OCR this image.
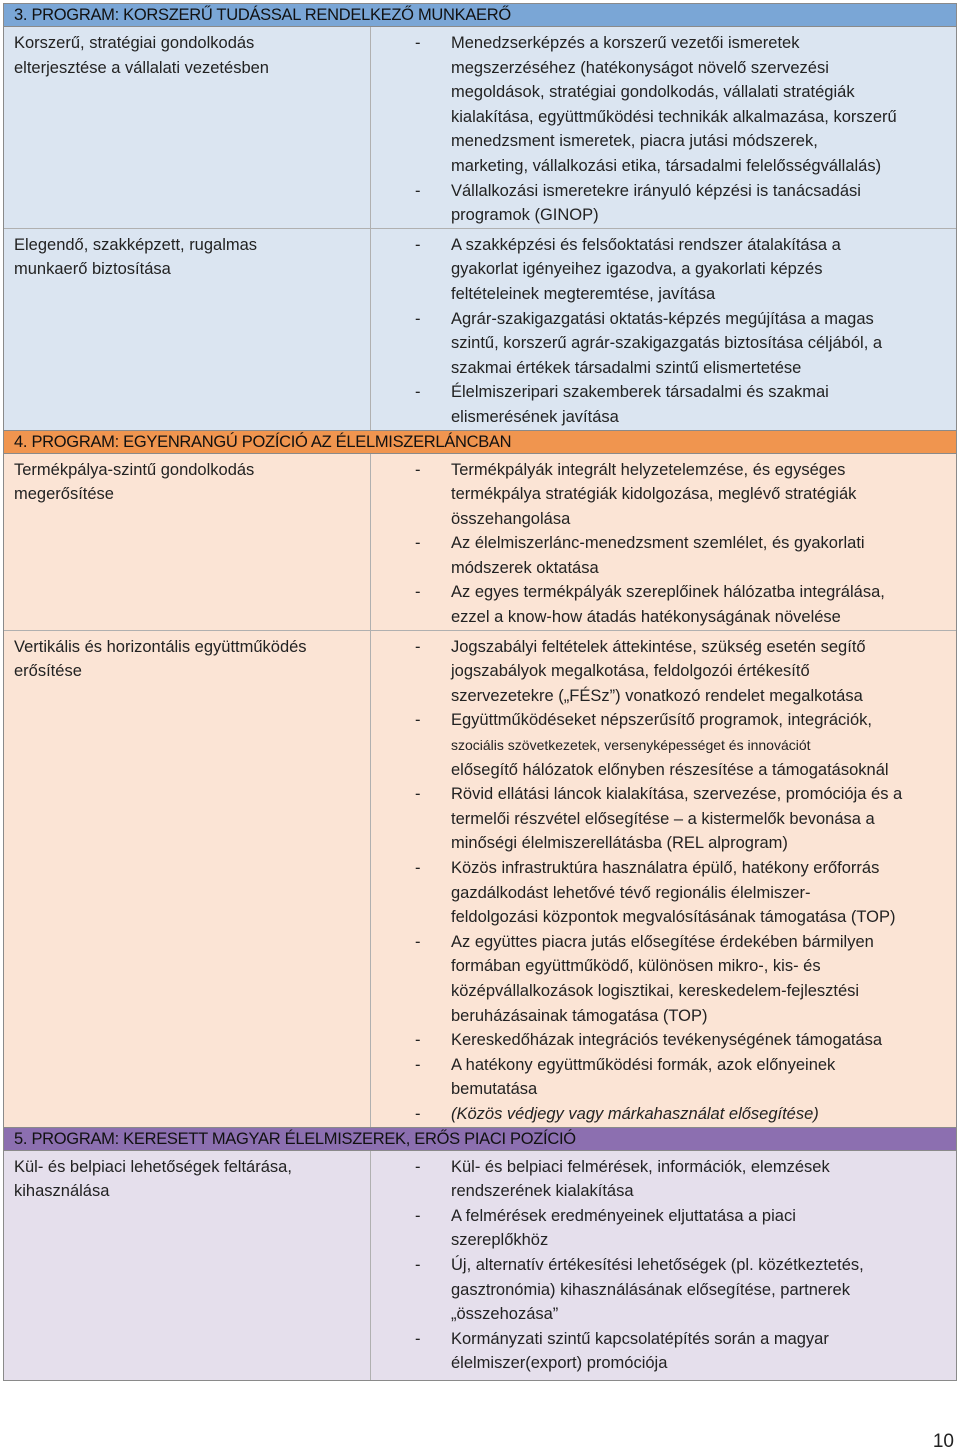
3. PROGRAM: KORSZERŰ TUDÁSSAL RENDELKEZŐ MUNKAERŐ
Korszerű, stratégiai gondolkodás
elterjesztése a vállalati vezetésben
-	Menedzserképzés a korszerű vezetői ismeretek
megszerzéséhez (hatékonyságot növelő szervezési
megoldások, stratégiai gondolkodás, vállalati stratégiák
kialakítása, együttműködési technikák alkalmazása, korszerű
menedzsment ismeretek, piacra jutási módszerek,
marketing, vállalkozási etika, társadalmi felelősségvállalás)
-	Vállalkozási ismeretekre irányuló képzési is tanácsadási
programok (GINOP)
Elegendő, szakképzett, rugalmas
munkaerő biztosítása
-	A szakképzési és felsőoktatási rendszer átalakítása a
gyakorlat igényeihez igazodva, a gyakorlati képzés
feltételeinek megteremtése, javítása
-	Agrár-szakigazgatási oktatás-képzés megújítása a magas
szintű, korszerű agrár-szakigazgatás biztosítása céljából, a
szakmai értékek társadalmi szintű elismertetése
-	Élelmiszeripari szakemberek társadalmi és szakmai
elismerésének javítása
4. PROGRAM: EGYENRANGÚ POZÍCIÓ AZ ÉLELMISZERLÁNCBAN
Termékpálya-szintű gondolkodás
megerősítése
-	Termékpályák integrált helyzetelemzése, és egységes
termékpálya stratégiák kidolgozása, meglévő stratégiák
összehangolása
-	Az élelmiszerlánc-menedzsment szemlélet, és gyakorlati
módszerek oktatása
-	Az egyes termékpályák szereplőinek hálózatba integrálása,
ezzel a know-how átadás hatékonyságának növelése
Vertikális és horizontális együttműködés
erősítése
-	Jogszabályi feltételek áttekintése, szükség esetén segítő
jogszabályok megalkotása, feldolgozói értékesítő
szervezetekre („FÉSz”) vonatkozó rendelet megalkotása
-	Együttműködéseket népszerűsítő programok, integrációk,
szociális szövetkezetek, versenyképességet és innovációt
elősegítő hálózatok előnyben részesítése a támogatásoknál
-	Rövid ellátási láncok kialakítása, szervezése, promóciója és a
termelői részvétel elősegítése – a kistermelők bevonása a
minőségi élelmiszerellátásba (REL alprogram)
-	Közös infrastruktúra használatra épülő, hatékony erőforrás
gazdálkodást lehetővé tévő regionális élelmiszer-
feldolgozási központok megvalósításának támogatása (TOP)
-	Az együttes piacra jutás elősegítése érdekében bármilyen
formában együttműködő, különösen mikro-, kis- és
középvállalkozások logisztikai, kereskedelem-fejlesztési
beruházásainak támogatása (TOP)
-	Kereskedőházak integrációs tevékenységének támogatása
-	A hatékony együttműködési formák, azok előnyeinek
bemutatása
-	(Közös védjegy vagy márkahasználat elősegítése)
5. PROGRAM: KERESETT MAGYAR ÉLELMISZEREK, ERŐS PIACI POZÍCIÓ
Kül- és belpiaci lehetőségek feltárása,
kihasználása
-	Kül- és belpiaci felmérések, információk, elemzések
rendszerének kialakítása
-	A felmérések eredményeinek eljuttatása a piaci
szereplőkhöz
-	Új, alternatív értékesítési lehetőségek (pl. közétkeztetés,
gasztronómia) kihasználásának elősegítése, partnerek
„összehozása”
-	Kormányzati szintű kapcsolatépítés során a magyar
élelmiszer(export) promóciója
10
